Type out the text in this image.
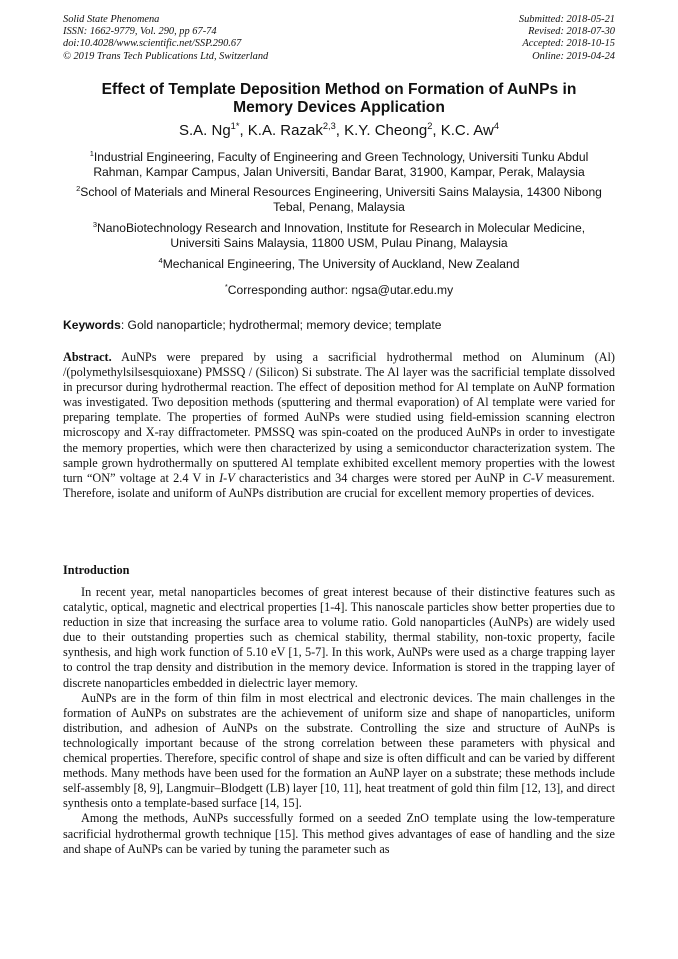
Solid State Phenomena
ISSN: 1662-9779, Vol. 290, pp 67-74
doi:10.4028/www.scientific.net/SSP.290.67
© 2019 Trans Tech Publications Ltd, Switzerland
Submitted: 2018-05-21
Revised: 2018-07-30
Accepted: 2018-10-15
Online: 2019-04-24
Effect of Template Deposition Method on Formation of AuNPs in
Memory Devices Application
S.A. $Ng^{1*}$, K.A. Razak$^{2,3}$, K.Y. Cheong$^2$, K.C. Aw$^4$
$^1$Industrial Engineering, Faculty of Engineering and Green Technology, Universiti Tunku Abdul
Rahman, Kampar Campus, Jalan Universiti, Bandar Barat, 31900, Kampar, Perak, Malaysia
$^2$School of Materials and Mineral Resources Engineering, Universiti Sains Malaysia, 14300 Nibong
Tebal, Penang, Malaysia
$^3$NanoBiotechnology Research and Innovation, Institute for Research in Molecular Medicine,
Universiti Sains Malaysia, 11800 USM, Pulau Pinang, Malaysia
$^4$Mechanical Engineering, The University of Auckland, New Zealand
*Corresponding author: ngsa@utar.edu.my
Keywords: Gold nanoparticle; hydrothermal; memory device; template
Abstract. AuNPs were prepared by using a sacrificial hydrothermal method on Aluminum (Al) /(polymethylsilsesquioxane) PMSSQ / (Silicon) Si substrate. The Al layer was the sacrificial template dissolved in precursor during hydrothermal reaction. The effect of deposition method for Al template on AuNP formation was investigated. Two deposition methods (sputtering and thermal evaporation) of Al template were varied for preparing template. The properties of formed AuNPs were studied using field-emission scanning electron microscopy and X-ray diffractometer. PMSSQ was spin-coated on the produced AuNPs in order to investigate the memory properties, which were then characterized by using a semiconductor characterization system. The sample grown hydrothermally on sputtered Al template exhibited excellent memory properties with the lowest turn “ON” voltage at 2.4 V in I-V characteristics and 34 charges were stored per AuNP in C-V measurement. Therefore, isolate and uniform of AuNPs distribution are crucial for excellent memory properties of devices.
Introduction

In recent year, metal nanoparticles becomes of great interest because of their distinctive features such as catalytic, optical, magnetic and electrical properties [1-4]. This nanoscale particles show better properties due to reduction in size that increasing the surface area to volume ratio. Gold nanoparticles (AuNPs) are widely used due to their outstanding properties such as chemical stability, thermal stability, non-toxic property, facile synthesis, and high work function of 5.10 eV [1, 5-7]. In this work, AuNPs were used as a charge trapping layer to control the trap density and distribution in the memory device. Information is stored in the trapping layer of discrete nanoparticles embedded in dielectric layer memory.

AuNPs are in the form of thin film in most electrical and electronic devices. The main challenges in the formation of AuNPs on substrates are the achievement of uniform size and shape of nanoparticles, uniform distribution, and adhesion of AuNPs on the substrate. Controlling the size and structure of AuNPs is technologically important because of the strong correlation between these parameters with physical and chemical properties. Therefore, specific control of shape and size is often difficult and can be varied by different methods. Many methods have been used for the formation an AuNP layer on a substrate; these methods include self-assembly [8, 9], Langmuir–Blodgett (LB) layer [10, 11], heat treatment of gold thin film [12, 13], and direct synthesis onto a template-based surface [14, 15].

Among the methods, AuNPs successfully formed on a seeded ZnO template using the low-temperature sacrificial hydrothermal growth technique [15]. This method gives advantages of ease of handling and the size and shape of AuNPs can be varied by tuning the parameter such as
